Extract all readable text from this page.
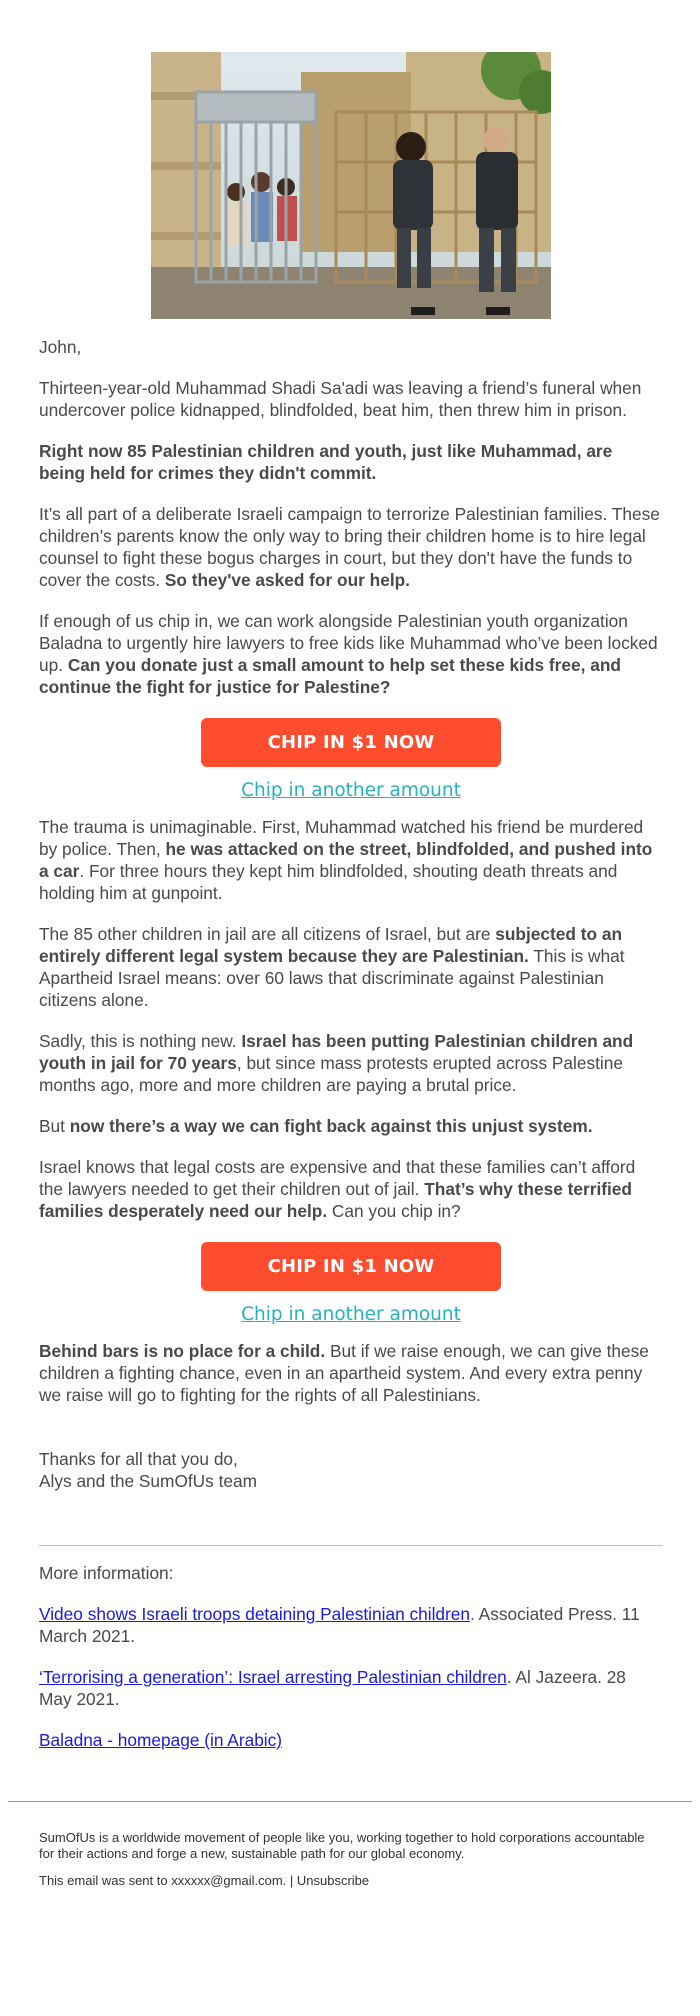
John,

Thirteen-year-old Muhammad Shadi Sa'adi was leaving a friend’s funeral when undercover police kidnapped, blindfolded, beat him, then threw him in prison.

Right now 85 Palestinian children and youth, just like Muhammad, are being held for crimes they didn't commit.

It’s all part of a deliberate Israeli campaign to terrorize Palestinian families. These children’s parents know the only way to bring their children home is to hire legal counsel to fight these bogus charges in court, but they don't have the funds to cover the costs. So they've asked for our help.

If enough of us chip in, we can work alongside Palestinian youth organization Baladna to urgently hire lawyers to free kids like Muhammad who’ve been locked up. Can you donate just a small amount to help set these kids free, and continue the fight for justice for Palestine?

CHIP IN $1 NOW
Chip in another amount

The trauma is unimaginable. First, Muhammad watched his friend be murdered by police. Then, he was attacked on the street, blindfolded, and pushed into a car. For three hours they kept him blindfolded, shouting death threats and holding him at gunpoint.

The 85 other children in jail are all citizens of Israel, but are subjected to an entirely different legal system because they are Palestinian. This is what Apartheid Israel means: over 60 laws that discriminate against Palestinian citizens alone.

Sadly, this is nothing new. Israel has been putting Palestinian children and youth in jail for 70 years, but since mass protests erupted across Palestine months ago, more and more children are paying a brutal price.

But now there’s a way we can fight back against this unjust system.

Israel knows that legal costs are expensive and that these families can’t afford the lawyers needed to get their children out of jail. That’s why these terrified families desperately need our help. Can you chip in?

CHIP IN $1 NOW
Chip in another amount

Behind bars is no place for a child. But if we raise enough, we can give these children a fighting chance, even in an apartheid system. And every extra penny we raise will go to fighting for the rights of all Palestinians.

Thanks for all that you do,
Alys and the SumOfUs team

More information:

Video shows Israeli troops detaining Palestinian children. Associated Press. 11 March 2021.

‘Terrorising a generation’: Israel arresting Palestinian children. Al Jazeera. 28 May 2021.

Baladna - homepage (in Arabic)

SumOfUs is a worldwide movement of people like you, working together to hold corporations accountable for their actions and forge a new, sustainable path for our global economy.
This email was sent to xxxxxx@gmail.com. | Unsubscribe
